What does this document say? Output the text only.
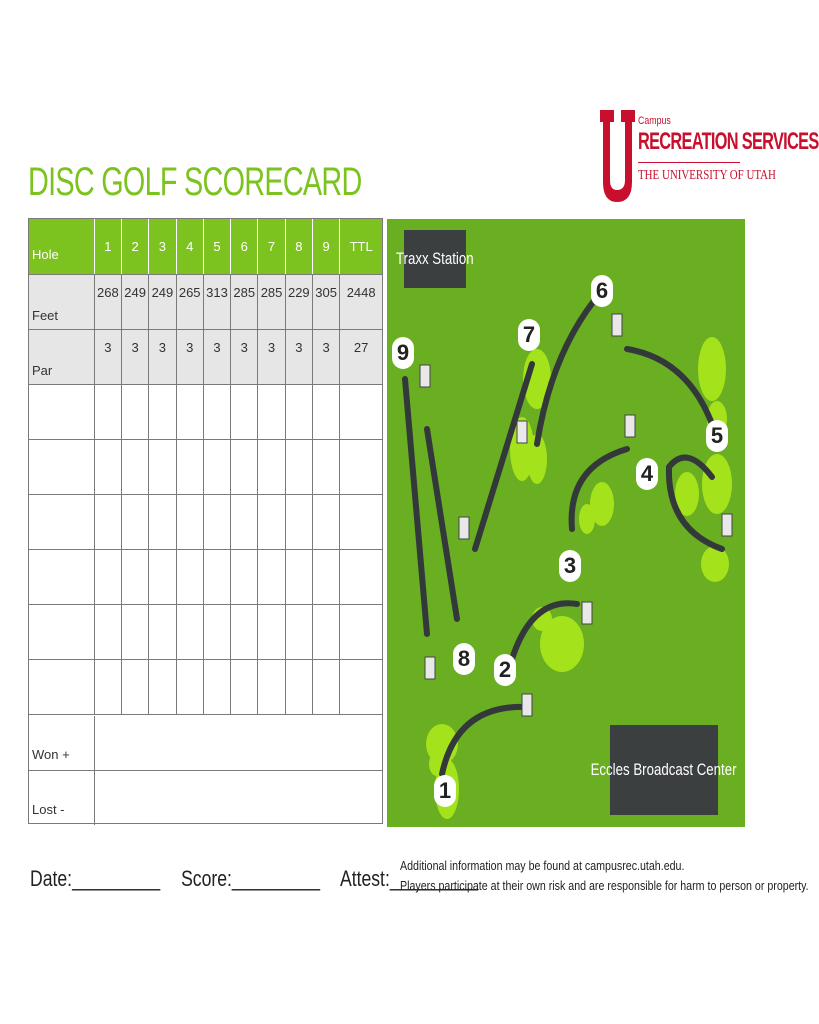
DISC GOLF SCORECARD
Campus
RECREATION SERVICES
THE UNIVERSITY OF UTAH
Hole
1	2	3	4	5	6	7	8	9	TTL
Feet
268 249 249 265 313 285 285 229 305 2448
Par
3	3	3	3	3	3	3	3	3	27
Won +
Lost -
Date:_________ Score:_________ Attest:_________
Additional information may be found at campusrec.utah.edu.
Players participate at their own risk and are responsible for harm to person or property.
Traxx Station
Eccles Broadcast Center
1
2
3
4
5
6
7
8
9
